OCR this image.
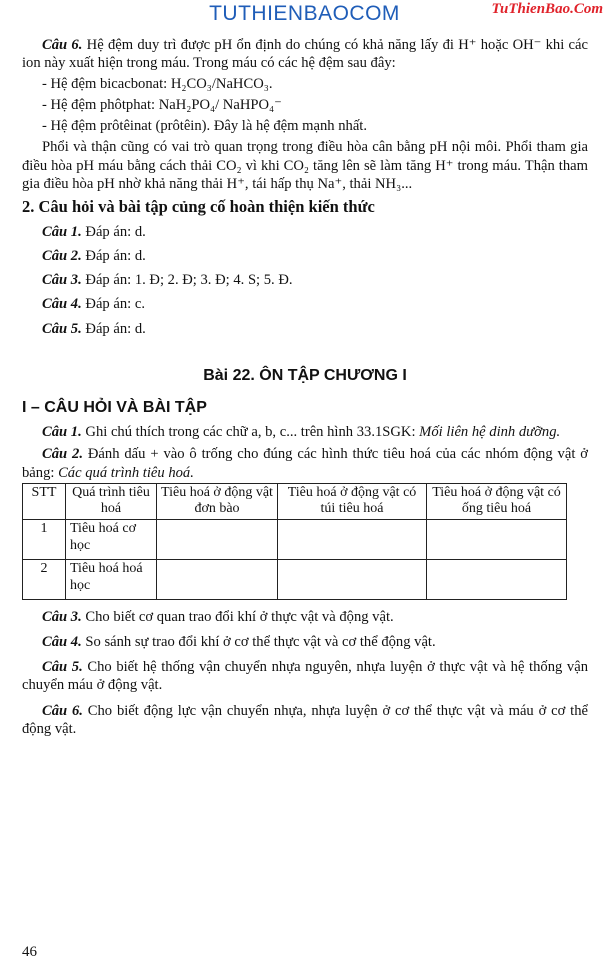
TUTHIENBAOCOM	TuThienBao.Com

Câu 6. Hệ đệm duy trì được pH ổn định do chúng có khả năng lấy đi H⁺ hoặc OH⁻ khi các ion này xuất hiện trong máu. Trong máu có các hệ đệm sau đây:

- Hệ đệm bicacbonat: H₂CO₃/NaHCO₃.

- Hệ đệm phôtphat: NaH₂PO₄/ NaHPO₄⁻

- Hệ đệm prôtêinat (prôtêin). Đây là hệ đệm mạnh nhất.

Phổi và thận cũng có vai trò quan trọng trong điều hòa cân bằng pH nội môi. Phổi tham gia điều hòa pH máu bằng cách thải CO₂ vì khi CO₂ tăng lên sẽ làm tăng H⁺ trong máu. Thận tham gia điều hòa pH nhờ khả năng thải H⁺, tái hấp thụ Na⁺, thải NH₃...

2. Câu hỏi và bài tập củng cố hoàn thiện kiến thức

Câu 1. Đáp án: d.

Câu 2. Đáp án: d.

Câu 3. Đáp án: 1. Đ; 2. Đ; 3. Đ; 4. S; 5. Đ.

Câu 4. Đáp án: c.

Câu 5. Đáp án: d.

Bài 22. ÔN TẬP CHƯƠNG I

I – CÂU HỎI VÀ BÀI TẬP

Câu 1. Ghi chú thích trong các chữ a, b, c... trên hình 33.1SGK: Mối liên hệ dinh dưỡng.

Câu 2. Đánh dấu + vào ô trống cho đúng các hình thức tiêu hoá của các nhóm động vật ở bảng: Các quá trình tiêu hoá.

STT	Quá trình tiêu hoá	Tiêu hoá ở động vật đơn bào	Tiêu hoá ở động vật có túi tiêu hoá	Tiêu hoá ở động vật có ống tiêu hoá
1	Tiêu hoá cơ học			
2	Tiêu hoá hoá học			

Câu 3. Cho biết cơ quan trao đổi khí ở thực vật và động vật.

Câu 4. So sánh sự trao đổi khí ở cơ thể thực vật và cơ thể động vật.

Câu 5. Cho biết hệ thống vận chuyển nhựa nguyên, nhựa luyện ở thực vật và hệ thống vận chuyển máu ở động vật.

Câu 6. Cho biết động lực vận chuyển nhựa, nhựa luyện ở cơ thể thực vật và máu ở cơ thể động vật.

46
